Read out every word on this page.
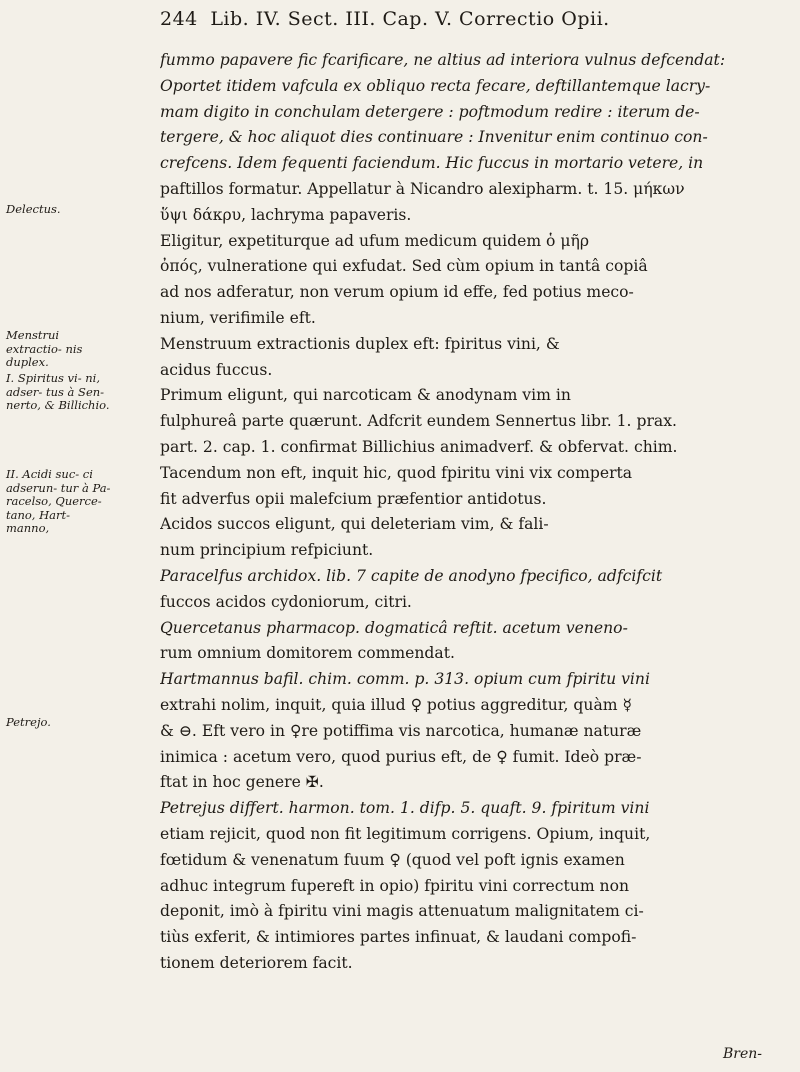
244 Lib. IV. Sect. III. Cap. V. Correctio Opii.
Delectus.
Menstrui extractio- nis duplex.
I. Spiritus vi- ni, adser- tus à Sen- nerto, & Billichio.
II. Acidi suc- ci adserun- tur à Pa- racelso, Querce- tano, Hart- manno,
Petrejo.
fummo papavere fic fcarificare, ne altius ad interiora vulnus defcendat:
Oportet itidem vafcula ex obliquo recta fecare, deftillantemque lacry-
mam digito in conchulam detergere : poftmodum redire : iterum de-
tergere, & hoc aliquot dies continuare : Invenitur enim continuo con-
crefcens. Idem fequenti faciendum. Hic fuccus in mortario vetere, in
paftillos formatur. Appellatur à Nicandro alexipharm. t. 15. μήκων
ὕψι δάκρυ, lachryma papaveris.
Eligitur, expetiturque ad ufum medicum quidem ὁ μῆρ
ὀπός, vulneratione qui exfudat. Sed cùm opium in tantâ copiâ
ad nos adferatur, non verum opium id effe, fed potius meco-
nium, verifimile eft.
Menstruum extractionis duplex eft: fpiritus vini, &
acidus fuccus.
Primum eligunt, qui narcoticam & anodynam vim in
fulphureâ parte quærunt. Adfcrit eundem Sennertus libr. 1. prax.
part. 2. cap. 1. confirmat Billichius animadverf. & obfervat. chim.
Tacendum non eft, inquit hic, quod fpiritu vini vix comperta
fit adverfus opii malefcium præfentior antidotus.
Acidos succos eligunt, qui deleteriam vim, & fali-
num principium refpiciunt.
Paracelfus archidox. lib. 7 capite de anodyno fpecifico, adfcifcit
fuccos acidos cydoniorum, citri.
Quercetanus pharmacop. dogmaticâ reftit. acetum veneno-
rum omnium domitorem commendat.
Hartmannus bafil. chim. comm. p. 313. opium cum fpiritu vini
extrahi nolim, inquit, quia illud ♀ potius aggreditur, quàm ☿
& ⊖. Eft vero in ♀re potiffima vis narcotica, humanæ naturæ
inimica : acetum vero, quod purius eft, de ♀ fumit. Ideò præ-
ftat in hoc genere ✠.
Petrejus differt. harmon. tom. 1. difp. 5. quaft. 9. fpiritum vini
etiam rejicit, quod non fit legitimum corrigens. Opium, inquit,
fœtidum & venenatum fuum ♀ (quod vel poft ignis examen
adhuc integrum fupereft in opio) fpiritu vini correctum non
deponit, imò à fpiritu vini magis attenuatum malignitatem ci-
tiùs exferit, & intimiores partes infinuat, & laudani compofi-
tionem deteriorem facit.
Bren-
